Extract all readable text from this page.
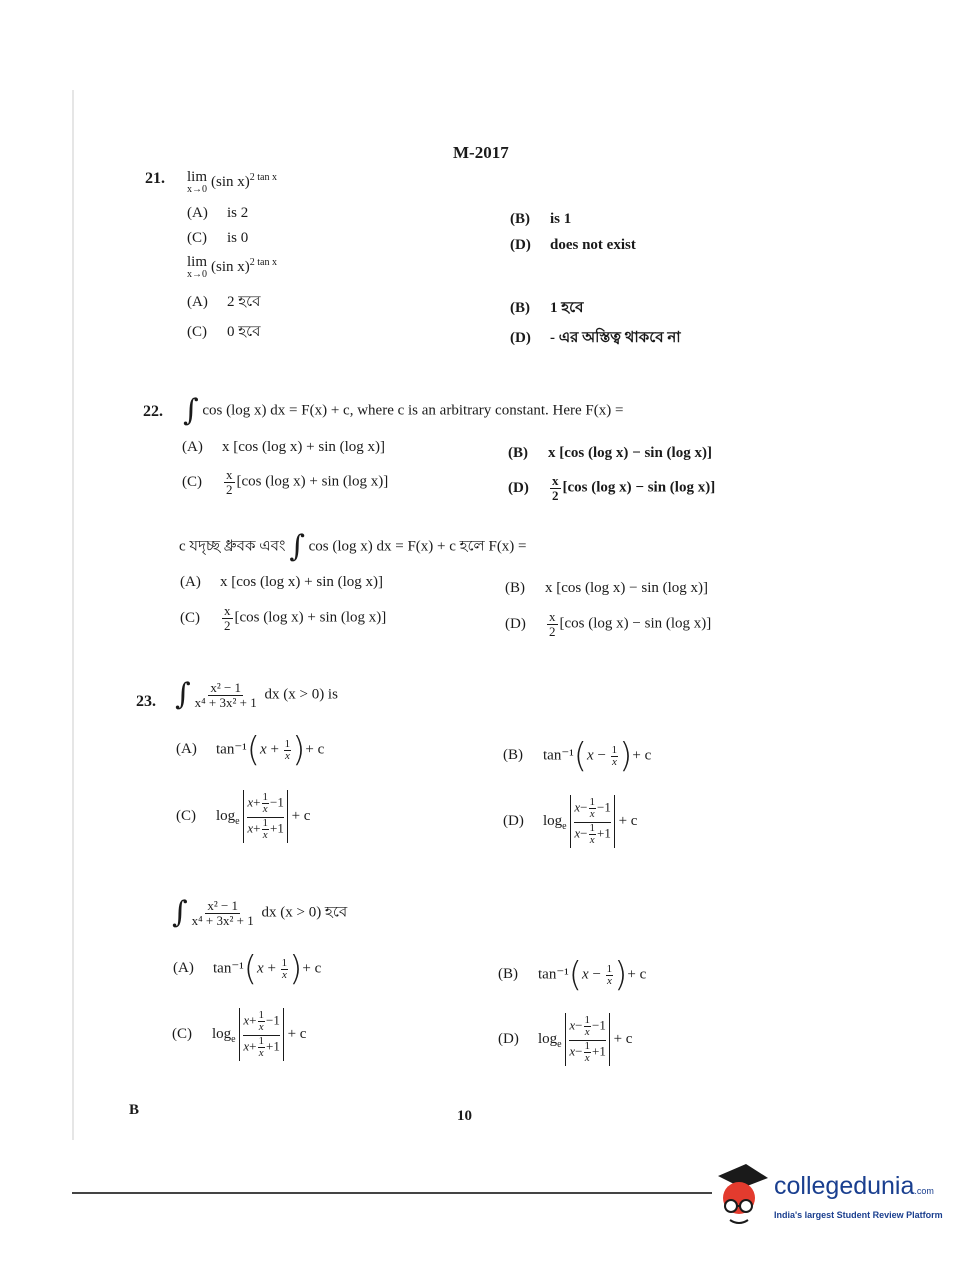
M-2017
21. lim
x→0 (sin x)$^{2 tan x}$
(A) is 2	(B) is 1
(C) is 0	(D) does not exist
lim
x→0 (sin x)$^{2 tan x}$
(A) 2 হবে	(B) 1 হবে
(C) 0 হবে	(D) - এর অস্তিত্ব থাকবে না
22. ∫ cos (log x) dx = F(x) + c, where c is an arbitrary constant. Here F(x) =
(A) x [cos (log x) + sin (log x)]	(B) x [cos (log x) − sin (log x)]
$(C) \frac{x}{2} [\cos$ (log x) + sin (log x)]	$(D) \frac{x}{2} [\cos$ (log x) − sin (log x)]
c যদৃচ্ছ ধ্রুবক এবং ∫ cos (log x) dx = F(x) + c হলে F(x) =
(A) x [cos (log x) + sin (log x)]	(B) x [cos (log x) − sin (log x)]
$(C) \frac{x}{2} [\cos$ (log x) + sin (log x)]	$(D) \frac{x}{2} [\cos$ (log x) − sin (log x)]
23. ∫ $\frac{\text{x² − 1}}{\text{x⁴ + 3x² + 1}}$ dx (x > 0) is
(A) $\tan^{-1}(x + \frac{1}{x}$ )+ c	(B) $\tan^{-1}(x - \frac{1}{x}$ )+ c
(C) $\log_e \frac{x+ \frac{1}{x} -1}{x+ \frac{1}{x} +1} + c$	(D) $\log_e \frac{x- \frac{1}{x} -1}{x- \frac{1}{x} +1} + c$
∫ $\frac{\text{x² − 1}}{\text{x⁴ + 3x² + 1}}$ dx (x > 0) হবে
(A) $\tan^{-1}(x + \frac{1}{x}$ )+ c	(B) $\tan^{-1}(x - \frac{1}{x}$ )+ c
(C) $\log_e \frac{x+ \frac{1}{x} -1}{x+ \frac{1}{x} +1} + c$	(D) $\log_e \frac{x- \frac{1}{x} -1}{x- \frac{1}{x} +1} + c$
B	10
collegedunia.com
India's largest Student Review Platform
